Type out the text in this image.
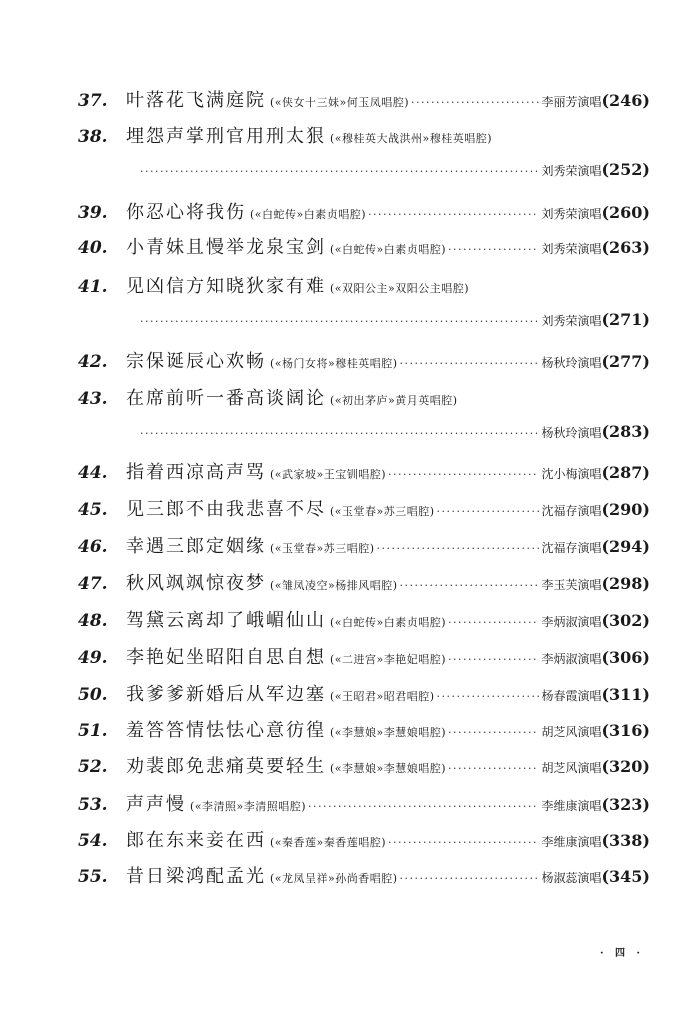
37.	叶落花飞满庭院 («侠女十三妹»何玉凤唱腔) ·····	李丽芳演唱 (246)
38.	埋怨声掌刑官用刑太狠 («穆桂英大战洪州»穆桂英唱腔)
·····
刘秀荣演唱 (252)
39.	你忍心将我伤 («白蛇传»白素贞唱腔) ·····	刘秀荣演唱 (260)
40.	小青妹且慢举龙泉宝剑 («白蛇传»白素贞唱腔) ·····	刘秀荣演唱 (263)
41.	见凶信方知晓狄家有难 («双阳公主»双阳公主唱腔)
·····
刘秀荣演唱 (271)
42.	宗保诞辰心欢畅 («杨门女将»穆桂英唱腔) ·····	杨秋玲演唱 (277)
43.	在席前听一番高谈阔论 («初出茅庐»黄月英唱腔)
·····
杨秋玲演唱 (283)
44.	指着西凉高声骂 («武家坡»王宝钏唱腔) ·····	沈小梅演唱 (287)
45.	见三郎不由我悲喜不尽 («玉堂春»苏三唱腔) ·····	沈福存演唱 (290)
46.	幸遇三郎定姻缘 («玉堂春»苏三唱腔) ·····	沈福存演唱 (294)
47.	秋风飒飒惊夜梦 («雏凤凌空»杨排风唱腔) ·····	李玉芙演唱 (298)
48.	驾黛云离却了峨嵋仙山 («白蛇传»白素贞唱腔) ·····	李炳淑演唱 (302)
49.	李艳妃坐昭阳自思自想 («二进宫»李艳妃唱腔) ·····	李炳淑演唱 (306)
50.	我爹爹新婚后从军边塞 («王昭君»昭君唱腔) ·····	杨春霞演唱 (311)
51.	羞答答情怯怯心意彷徨 («李慧娘»李慧娘唱腔) ·····	胡芝风演唱 (316)
52.	劝裴郎免悲痛莫要轻生 («李慧娘»李慧娘唱腔) ·····	胡芝风演唱 (320)
53.	声声慢 («李清照»李清照唱腔) ·····	李维康演唱 (323)
54.	郎在东来妾在西 («秦香莲»秦香莲唱腔) ·····	李维康演唱 (338)
55.	昔日梁鸿配孟光 («龙凤呈祥»孙尚香唱腔) ·····	杨淑蕊演唱 (345)
· 四 ·
